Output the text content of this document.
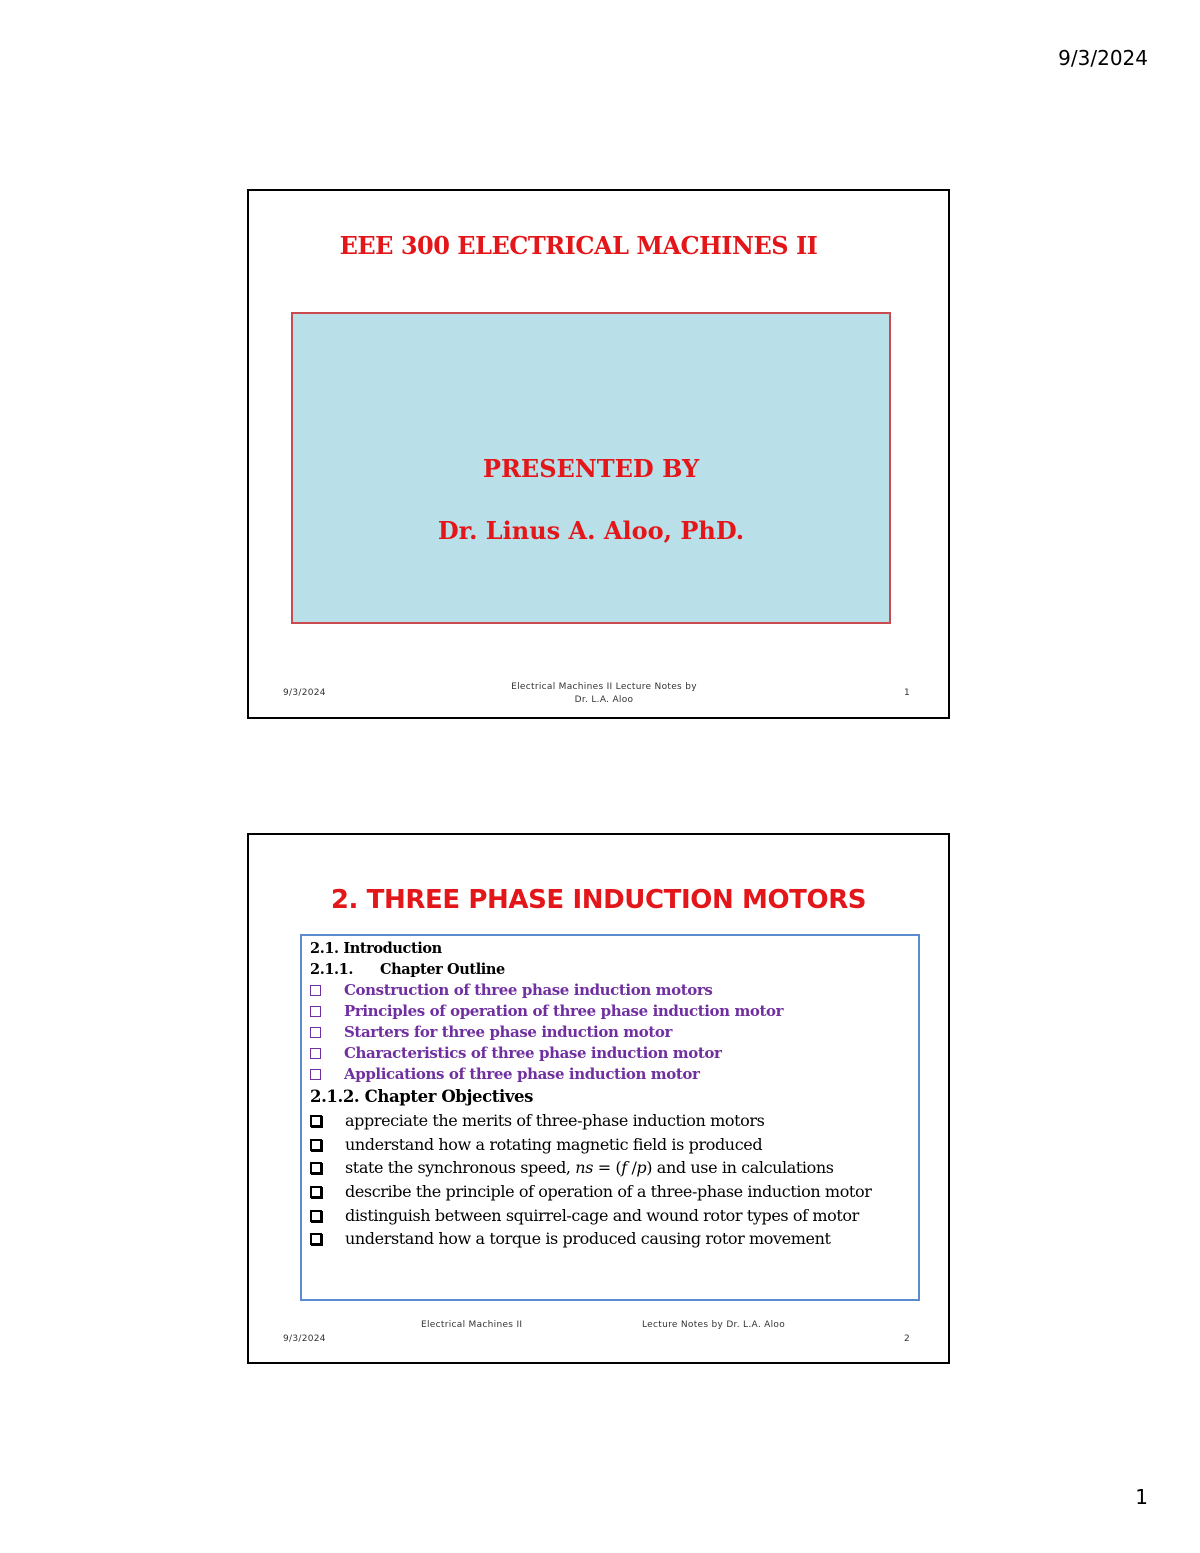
9/3/2024
EEE 300 ELECTRICAL MACHINES II
PRESENTED BY
Dr. Linus A. Aloo, PhD.
9/3/2024
Electrical Machines II Lecture Notes by
Dr. L.A. Aloo
1
2. THREE PHASE INDUCTION MOTORS
2.1. Introduction
2.1.1. Chapter Outline
Construction of three phase induction motors
Principles of operation of three phase induction motor
Starters for three phase induction motor
Characteristics of three phase induction motor
Applications of three phase induction motor
2.1.2. Chapter Objectives
appreciate the merits of three-phase induction motors
understand how a rotating magnetic field is produced
state the synchronous speed, 𝑛𝑠 = (𝑓 /𝑝) and use in calculations
describe the principle of operation of a three-phase induction motor
distinguish between squirrel-cage and wound rotor types of motor
understand how a torque is produced causing rotor movement
9/3/2024
Electrical Machines II	Lecture Notes by Dr. L.A. Aloo
2
1
